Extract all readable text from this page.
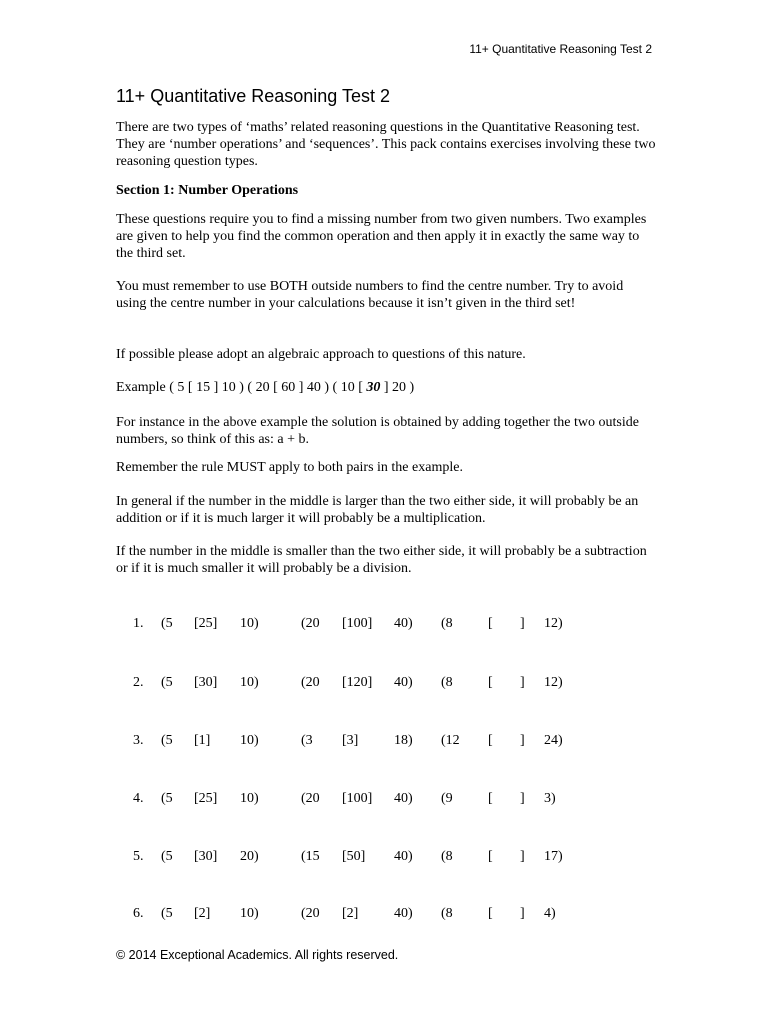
11+ Quantitative Reasoning Test 2
11+ Quantitative Reasoning Test 2

There are two types of ‘maths’ related reasoning questions in the Quantitative Reasoning test. They are ‘number operations’ and ‘sequences’. This pack contains exercises involving these two reasoning question types.

Section 1: Number Operations

These questions require you to find a missing number from two given numbers. Two examples are given to help you find the common operation and then apply it in exactly the same way to the third set.

You must remember to use BOTH outside numbers to find the centre number. Try to avoid using the centre number in your calculations because it isn’t given in the third set!

If possible please adopt an algebraic approach to questions of this nature.

Example ( 5 [ 15 ] 10 ) ( 20 [ 60 ] 40 ) ( 10 [ 30 ] 20 )

For instance in the above example the solution is obtained by adding together the two outside numbers, so think of this as: a + b.

Remember the rule MUST apply to both pairs in the example.

In general if the number in the middle is larger than the two either side, it will probably be an addition or if it is much larger it will probably be a multiplication.

If the number in the middle is smaller than the two either side, it will probably be a subtraction or if it is much smaller it will probably be a division.

1. (5 [25] 10)	(20 [100] 40) (8	[ ] 12)
2. (5 [30] 10)	(20 [120] 40) (8	[ ] 12)
3. (5 [1] 10)	(3 [3]	18) (12 [ ] 24)
4. (5 [25] 10)	(20 [100] 40) (9	[ ] 3)
5. (5 [30] 20)	(15 [50] 40) (8	[ ] 17)
6. (5 [2] 10)	(20 [2]	40) (8	[ ] 4)
© 2014 Exceptional Academics. All rights reserved.
